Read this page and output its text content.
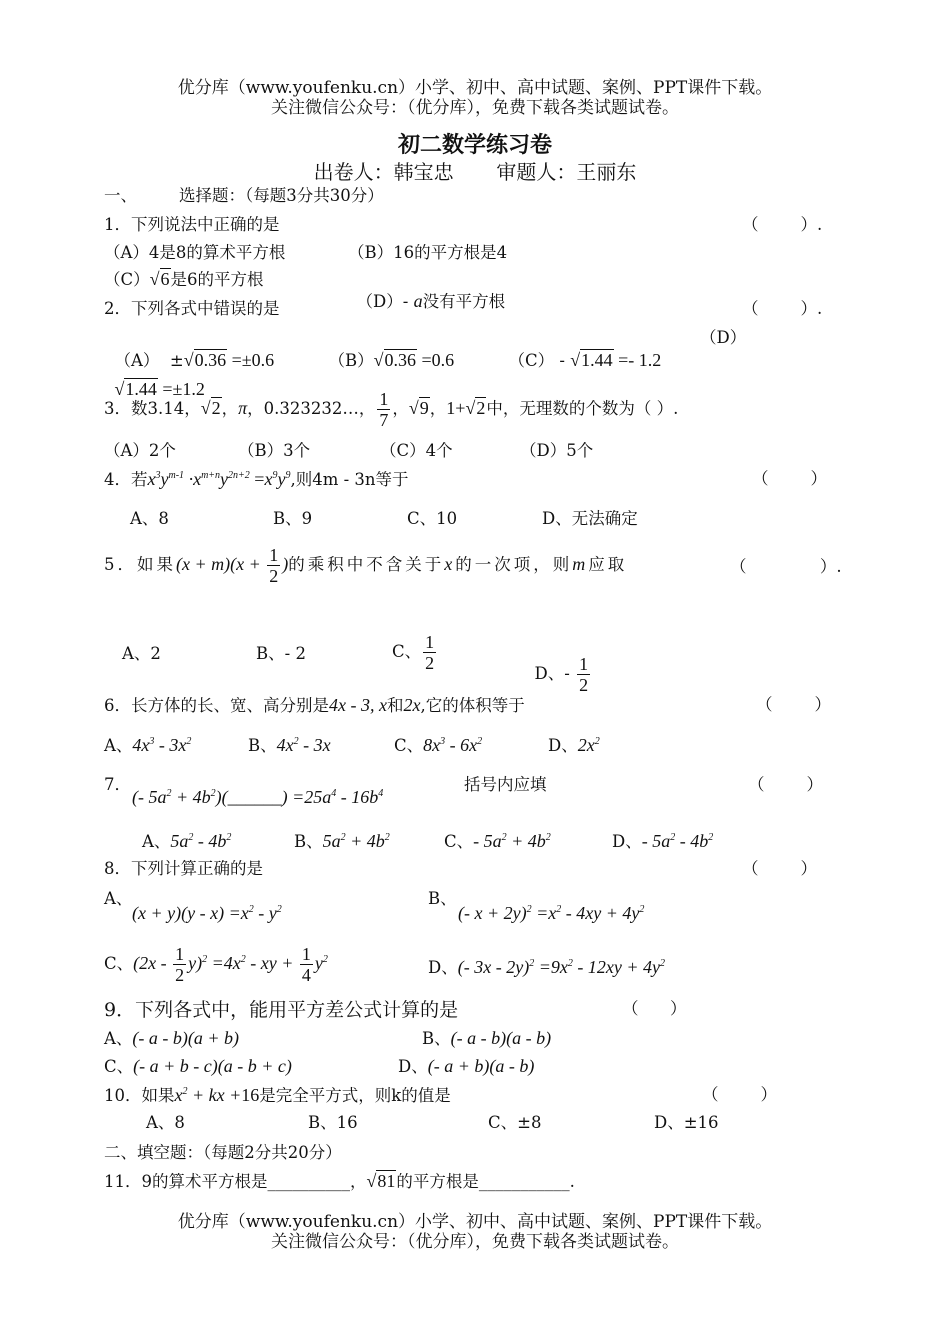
优分库（www.youfenku.cn）小学、初中、高中试题、案例、PPT课件下载。
关注微信公众号：（优分库），免费下载各类试题试卷。
初二数学练习卷
出卷人：韩宝忠 审题人：王丽东
一、        选择题：（每题3分共30分）
1．下列说法中正确的是	（        ）.
（A）4是8的算术平方根	（B）16的平方根是4
（C）√6是6的平方根

（D）- a没有平方根

2．下列各式中错误的是	（        ）.

（A）  ±√0.36 =±0.6	（B）√0.36 =0.6	（C） - √1.44 =- 1.2

（D）

√1.44 =±1.2

3．数3.14，√2，π，0.323232…， $\frac{1}{7}$ ，√9，1+√2中，无理数的个数为（ ）.
（A）2个	（B）3个	（C）4个	（D）5个
4．若$x^3y^{m-1} \cdot x^{m+n}y^{2n+2} =x^9y^9$,则4m - 3n等于	（        ）
A、8	B、9	C、10	D、无法确定
5．如果$(x + m)(x + \frac{1}{2}$ )的乘积中不含关于x的一次项，则m应取	（              ）.
A、2	B、- 2	C、 $\frac{1}{2}$

D、- $\frac{1}{2}$

6．长方体的长、宽、高分别是4x - 3, x和2x,它的体积等于	（        ）
A、$4x^3 - 3x^2$	B、$4x^2 - 3x$	C、$8x^3 - 6x^2$	D、$2x^2$
7．
(- $5a^2$ + $4b^2)(\_\_\_\_\_\_) =25a^4 - 16b^4$	括号内应填	（        ）
A、$5a^2 - 4b^2$	B、$5a^2 + 4b^2$	C、- $5a^2 + 4b^2$	D、- $5a^2 - 4b^2$
8．下列计算正确的是	（        ）
A、
$(x + y)(y - x) =x^2 - y^2$
B、
(- $x + 2y)^2 =x^2 - 4xy + 4y^2$
C、$(2x - \frac{1}{2} y)^2 =4x^2$ - xy + $\frac{1}{4} y^2$	D、(- $3x - 2y)^2 =9x^2 - 12xy + 4y^2$
9．下列各式中，能用平方差公式计算的是	（      ）
A、(- a - b)(a + b)	B、(- a - b)(a - b)
C、(- a + b - c)(a - b + c)	D、(- a + b)(a - b)
10．如果$x^2$ + kx +16是完全平方式，则k的值是	（        ）
A、8	B、16	C、±8	D、±16
二、填空题：（每题2分共20分）
11．9的算术平方根是__________，√81的平方根是___________.
优分库（www.youfenku.cn）小学、初中、高中试题、案例、PPT课件下载。
关注微信公众号：（优分库），免费下载各类试题试卷。
